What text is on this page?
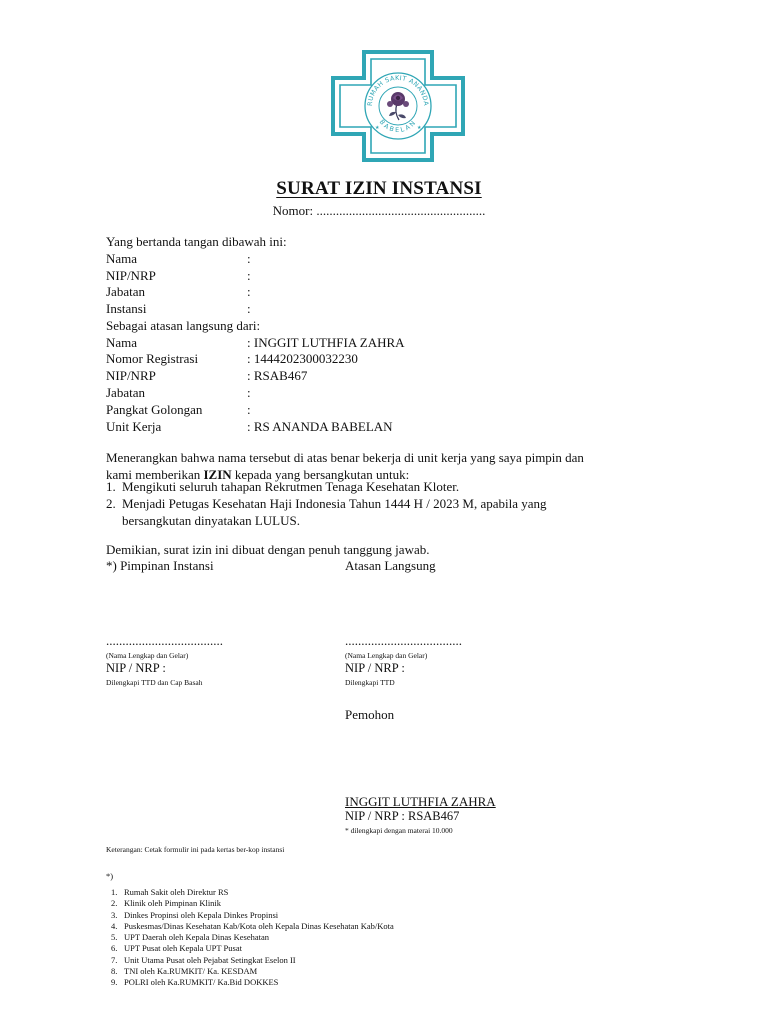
RUMAH SAKIT ANANDA
BABELAN
★	★
SURAT IZIN INSTANSI
Nomor: ....................................................
Yang bertanda tangan dibawah ini:
Nama	:
NIP/NRP	:
Jabatan	:
Instansi	:
Sebagai atasan langsung dari:
Nama	: INGGIT LUTHFIA ZAHRA
Nomor Registrasi	: 1444202300032230
NIP/NRP	: RSAB467
Jabatan	:
Pangkat Golongan	:
Unit Kerja	: RS ANANDA BABELAN
Menerangkan bahwa nama tersebut di atas benar bekerja di unit kerja yang saya pimpin dan kami memberikan IZIN kepada yang bersangkutan untuk:
1. Mengikuti seluruh tahapan Rekrutmen Tenaga Kesehatan Kloter.
2. Menjadi Petugas Kesehatan Haji Indonesia Tahun 1444 H / 2023 M, apabila yang bersangkutan dinyatakan LULUS.
Demikian, surat izin ini dibuat dengan penuh tanggung jawab.
*) Pimpinan Instansi
....................................
(Nama Lengkap dan Gelar)
NIP / NRP :
Dilengkapi TTD dan Cap Basah
Atasan Langsung
....................................
(Nama Lengkap dan Gelar)
NIP / NRP :
Dilengkapi TTD
Pemohon
INGGIT LUTHFIA ZAHRA
NIP / NRP : RSAB467
* dilengkapi dengan materai 10.000
Keterangan: Cetak formulir ini pada kertas ber-kop instansi
*)
1. Rumah Sakit oleh Direktur RS
2. Klinik oleh Pimpinan Klinik
3. Dinkes Propinsi oleh Kepala Dinkes Propinsi
4. Puskesmas/Dinas Kesehatan Kab/Kota oleh Kepala Dinas Kesehatan Kab/Kota
5. UPT Daerah oleh Kepala Dinas Kesehatan
6. UPT Pusat oleh Kepala UPT Pusat
7. Unit Utama Pusat oleh Pejabat Setingkat Eselon II
8. TNI oleh Ka.RUMKIT/ Ka. KESDAM
9. POLRI oleh Ka.RUMKIT/ Ka.Bid DOKKES
